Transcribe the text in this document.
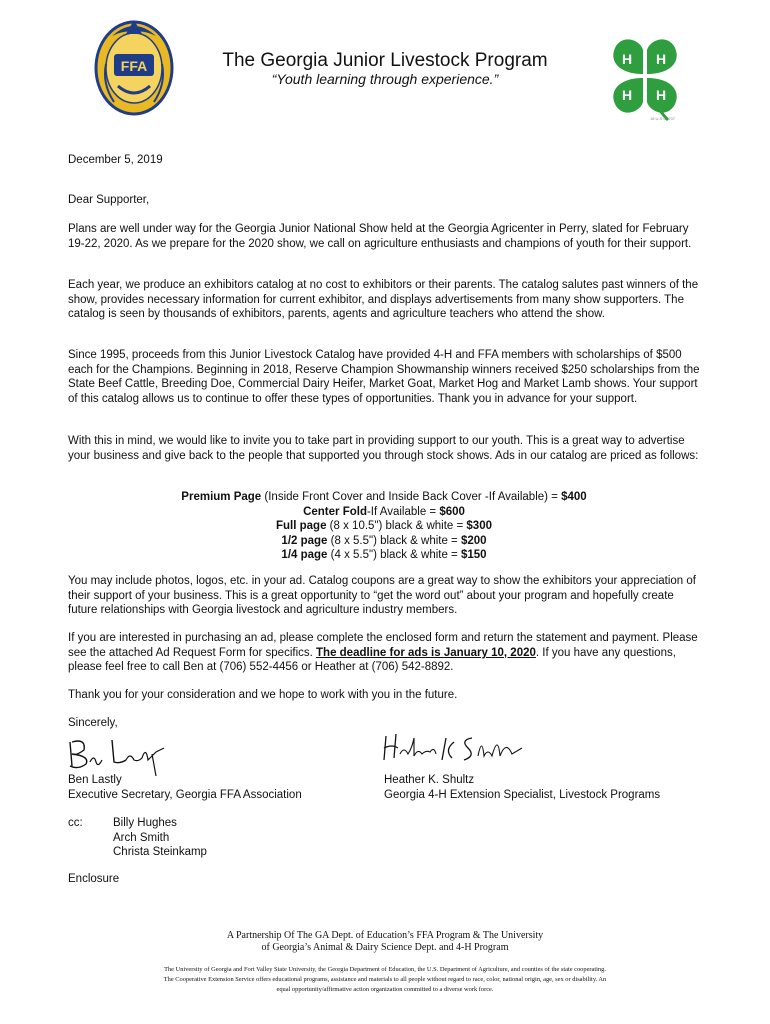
FFA	The Georgia Junior Livestock Program
“Youth learning through experience.”
H H
H H
18 U.S.C. 707
December 5, 2019
Dear Supporter,

Plans are well under way for the Georgia Junior National Show held at the Georgia Agricenter in Perry, slated for February 19-22, 2020. As we prepare for the 2020 show, we call on agriculture enthusiasts and champions of youth for their support.

Each year, we produce an exhibitors catalog at no cost to exhibitors or their parents. The catalog salutes past winners of the show, provides necessary information for current exhibitor, and displays advertisements from many show supporters. The catalog is seen by thousands of exhibitors, parents, agents and agriculture teachers who attend the show.

Since 1995, proceeds from this Junior Livestock Catalog have provided 4-H and FFA members with scholarships of $500 each for the Champions. Beginning in 2018, Reserve Champion Showmanship winners received $250 scholarships from the State Beef Cattle, Breeding Doe, Commercial Dairy Heifer, Market Goat, Market Hog and Market Lamb shows. Your support of this catalog allows us to continue to offer these types of opportunities. Thank you in advance for your support.

With this in mind, we would like to invite you to take part in providing support to our youth. This is a great way to advertise your business and give back to the people that supported you through stock shows. Ads in our catalog are priced as follows:

Premium Page (Inside Front Cover and Inside Back Cover -If Available) = $400
Center Fold-If Available = $600
Full page (8 x 10.5") black & white = $300
1/2 page (8 x 5.5") black & white = $200
1/4 page (4 x 5.5") black & white = $150

You may include photos, logos, etc. in your ad. Catalog coupons are a great way to show the exhibitors your appreciation of their support of your business. This is a great opportunity to “get the word out” about your program and hopefully create future relationships with Georgia livestock and agriculture industry members.

If you are interested in purchasing an ad, please complete the enclosed form and return the statement and payment. Please see the attached Ad Request Form for specifics. The deadline for ads is January 10, 2020. If you have any questions, please feel free to call Ben at (706) 552-4456 or Heather at (706) 542-8892.

Thank you for your consideration and we hope to work with you in the future.

Sincerely,
Ben Lastly
Executive Secretary, Georgia FFA Association
Heather K. Shultz
Georgia 4-H Extension Specialist, Livestock Programs
cc:	Billy Hughes
Arch Smith
Christa Steinkamp
Enclosure
A Partnership Of The GA Dept. of Education’s FFA Program & The University
of Georgia’s Animal & Dairy Science Dept. and 4-H Program
The University of Georgia and Fort Valley State University, the Georgia Department of Education, the U.S. Department of Agriculture, and counties of the state cooperating.
The Cooperative Extension Service offers educational programs, assistance and materials to all people without regard to race, color, national origin, age, sex or disability. An
equal opportunity/affirmative action organization committed to a diverse work force.
